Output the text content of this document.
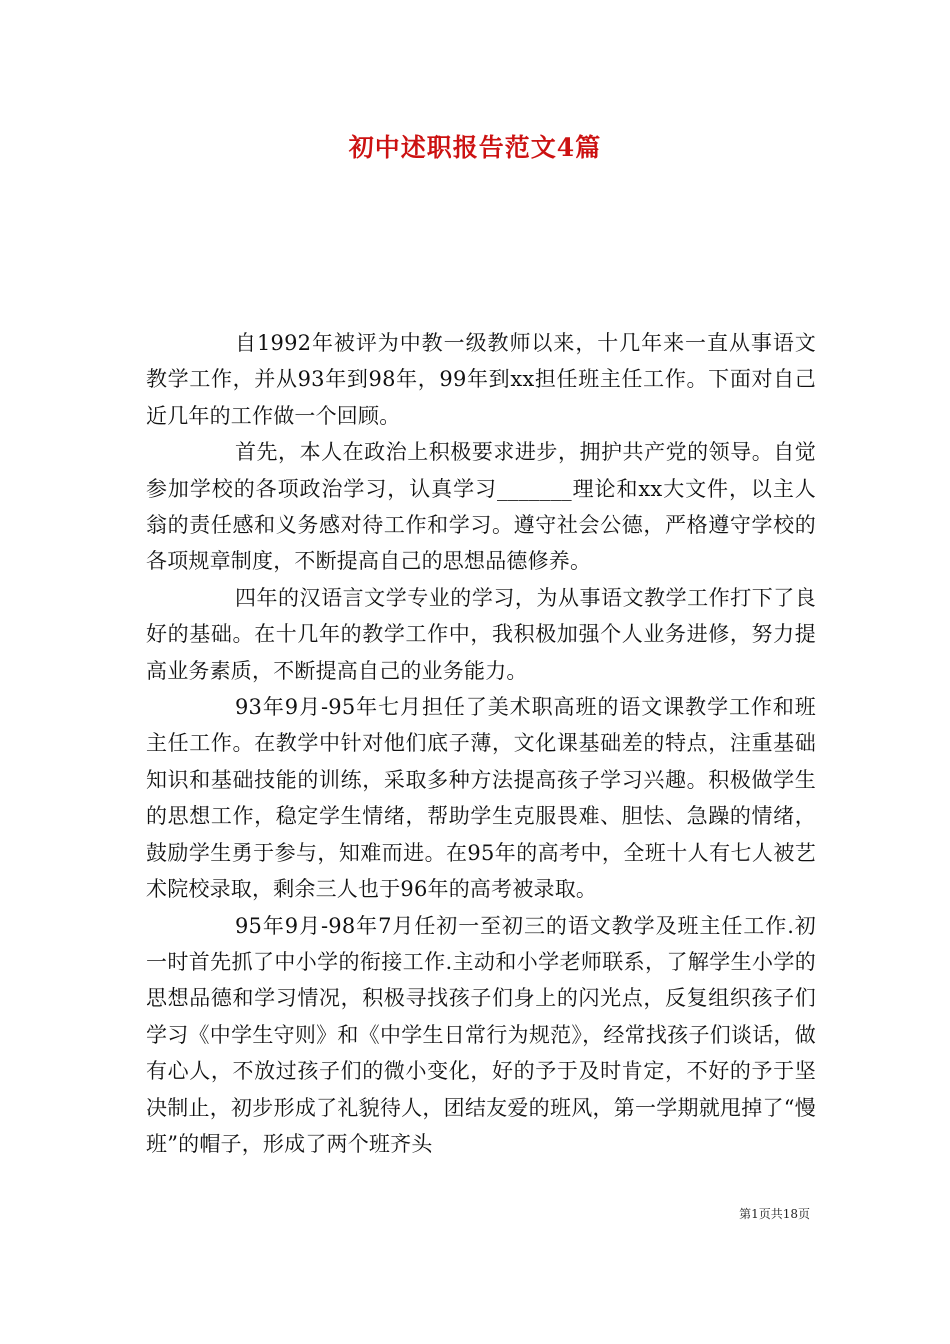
初中述职报告范文4篇

自1992年被评为中教一级教师以来，十几年来一直从事语文教学工作，并从93年到98年，99年到xx担任班主任工作。下面对自己近几年的工作做一个回顾。

首先，本人在政治上积极要求进步，拥护共产党的领导。自觉参加学校的各项政治学习，认真学习_______理论和xx大文件，以主人翁的责任感和义务感对待工作和学习。遵守社会公德，严格遵守学校的各项规章制度，不断提高自己的思想品德修养。

四年的汉语言文学专业的学习，为从事语文教学工作打下了良好的基础。在十几年的教学工作中，我积极加强个人业务进修，努力提高业务素质，不断提高自己的业务能力。

93年9月-95年七月担任了美术职高班的语文课教学工作和班主任工作。在教学中针对他们底子薄，文化课基础差的特点，注重基础知识和基础技能的训练，采取多种方法提高孩子学习兴趣。积极做学生的思想工作，稳定学生情绪，帮助学生克服畏难、胆怯、急躁的情绪，鼓励学生勇于参与，知难而进。在95年的高考中，全班十人有七人被艺术院校录取，剩余三人也于96年的高考被录取。

95年9月-98年7月任初一至初三的语文教学及班主任工作.初一时首先抓了中小学的衔接工作.主动和小学老师联系，了解学生小学的思想品德和学习情况，积极寻找孩子们身上的闪光点，反复组织孩子们学习《中学生守则》和《中学生日常行为规范》，经常找孩子们谈话，做有心人，不放过孩子们的微小变化，好的予于及时肯定，不好的予于坚决制止，初步形成了礼貌待人，团结友爱的班风，第一学期就甩掉了“慢班”的帽子，形成了两个班齐头

第1页共18页
